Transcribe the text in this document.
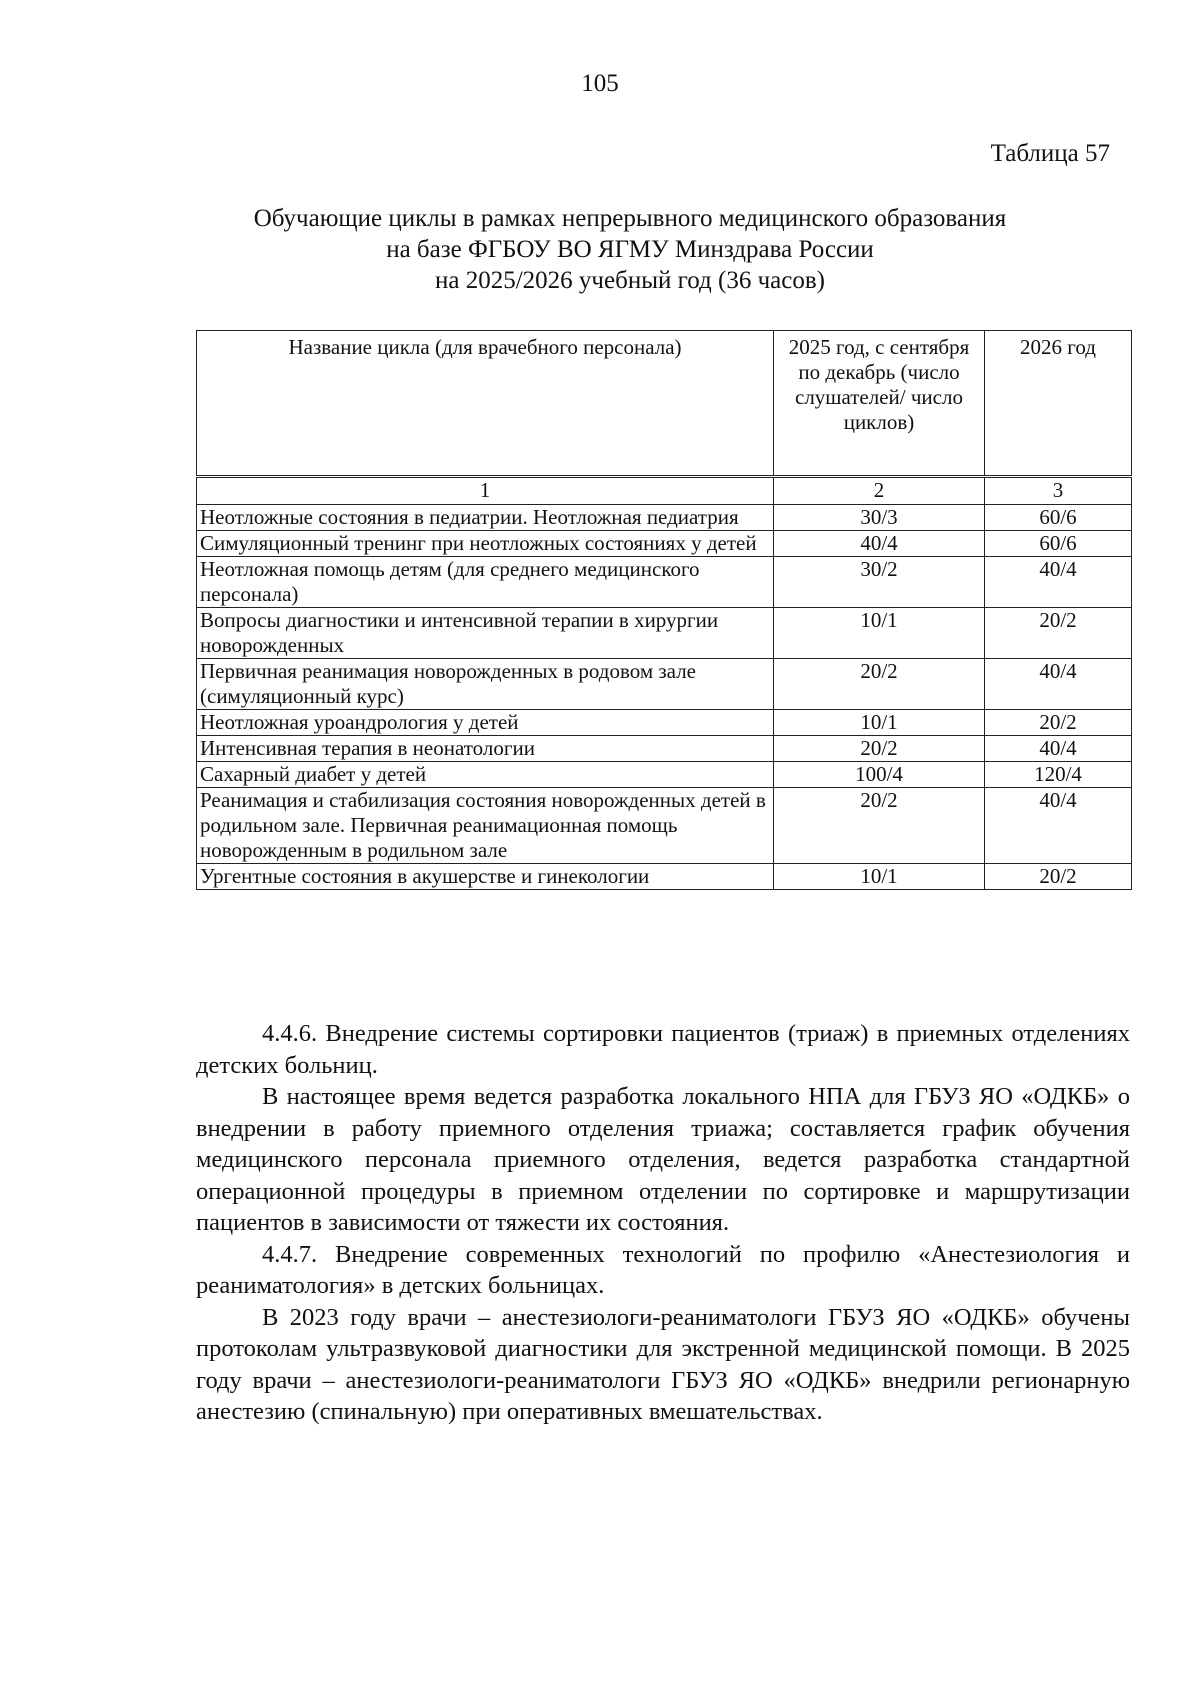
105
Таблица 57
Обучающие циклы в рамках непрерывного медицинского образования
на базе ФГБОУ ВО ЯГМУ Минздрава России
на 2025/2026 учебный год (36 часов)
Название цикла (для врачебного персонала)	2025 год, с сентября по декабрь (число слушателей/ число циклов)	2026 год
1	2	3
Неотложные состояния в педиатрии. Неотложная педиатрия	30/3	60/6
Симуляционный тренинг при неотложных состояниях у детей	40/4	60/6
Неотложная помощь детям (для среднего медицинского персонала)	30/2	40/4
Вопросы диагностики и интенсивной терапии в хирургии новорожденных	10/1	20/2
Первичная реанимация новорожденных в родовом зале (симуляционный курс)	20/2	40/4
Неотложная уроандрология у детей	10/1	20/2
Интенсивная терапия в неонатологии	20/2	40/4
Сахарный диабет у детей	100/4	120/4
Реанимация и стабилизация состояния новорожденных детей в родильном зале. Первичная реанимационная помощь новорожденным в родильном зале	20/2	40/4
Ургентные состояния в акушерстве и гинекологии	10/1	20/2

4.4.6. Внедрение системы сортировки пациентов (триаж) в приемных отделениях детских больниц.

В настоящее время ведется разработка локального НПА для ГБУЗ ЯО «ОДКБ» о внедрении в работу приемного отделения триажа; составляется график обучения медицинского персонала приемного отделения, ведется разработка стандартной операционной процедуры в приемном отделении по сортировке и маршрутизации пациентов в зависимости от тяжести их состояния.

4.4.7. Внедрение современных технологий по профилю «Анестезиология и реаниматология» в детских больницах.

В 2023 году врачи – анестезиологи-реаниматологи ГБУЗ ЯО «ОДКБ» обучены протоколам ультразвуковой диагностики для экстренной медицинской помощи. В 2025 году врачи – анестезиологи-реаниматологи ГБУЗ ЯО «ОДКБ» внедрили регионарную анестезию (спинальную) при оперативных вмешательствах.
